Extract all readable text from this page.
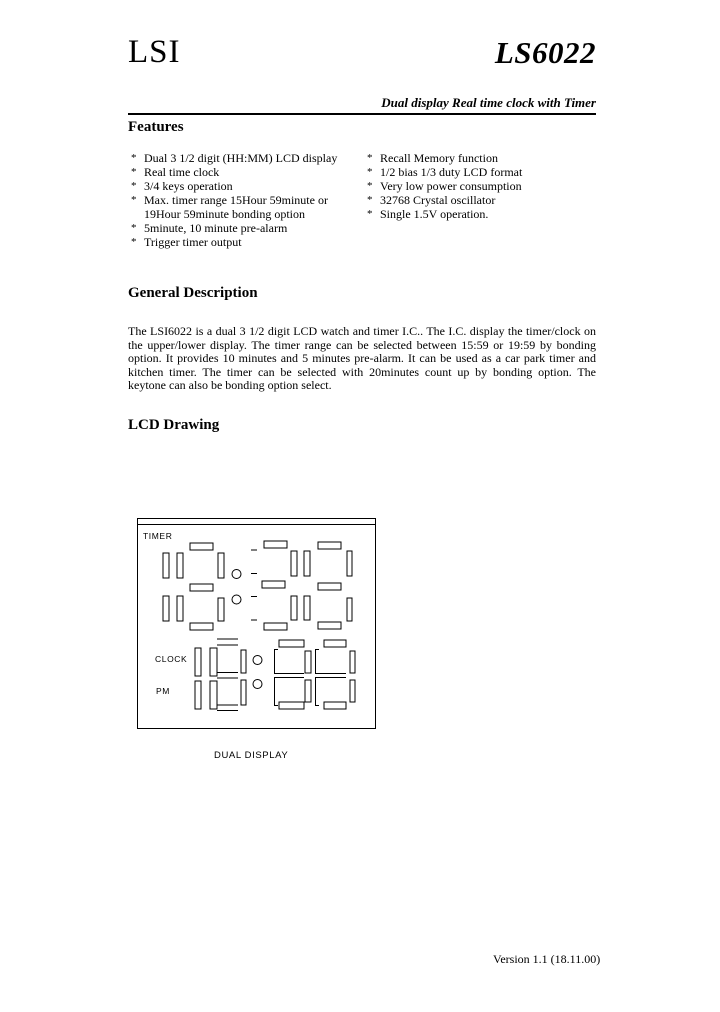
LSI	LS6022
Dual display Real time clock with Timer
Features
* Dual 3 1/2 digit (HH:MM) LCD display
* Real time clock
* 3/4 keys operation
* Max. timer range 15Hour 59minute or
19Hour 59minute bonding option
* 5minute, 10 minute pre-alarm
* Trigger timer output
* Recall Memory function
* 1/2 bias 1/3 duty LCD format
* Very low power consumption
* 32768 Crystal oscillator
* Single 1.5V operation.
General Description

The LSI6022 is a dual 3 1/2 digit LCD watch and timer I.C.. The I.C. display the timer/clock on the upper/lower display. The timer range can be selected between 15:59 or 19:59 by bonding option. It provides 10 minutes and 5 minutes pre-alarm. It can be used as a car park timer and kitchen timer. The timer can be selected with 20minutes count up by bonding option. The keytone can also be bonding option select.

LCD Drawing
TIMER
CLOCK
PM
DUAL DISPLAY
Version 1.1 (18.11.00)
